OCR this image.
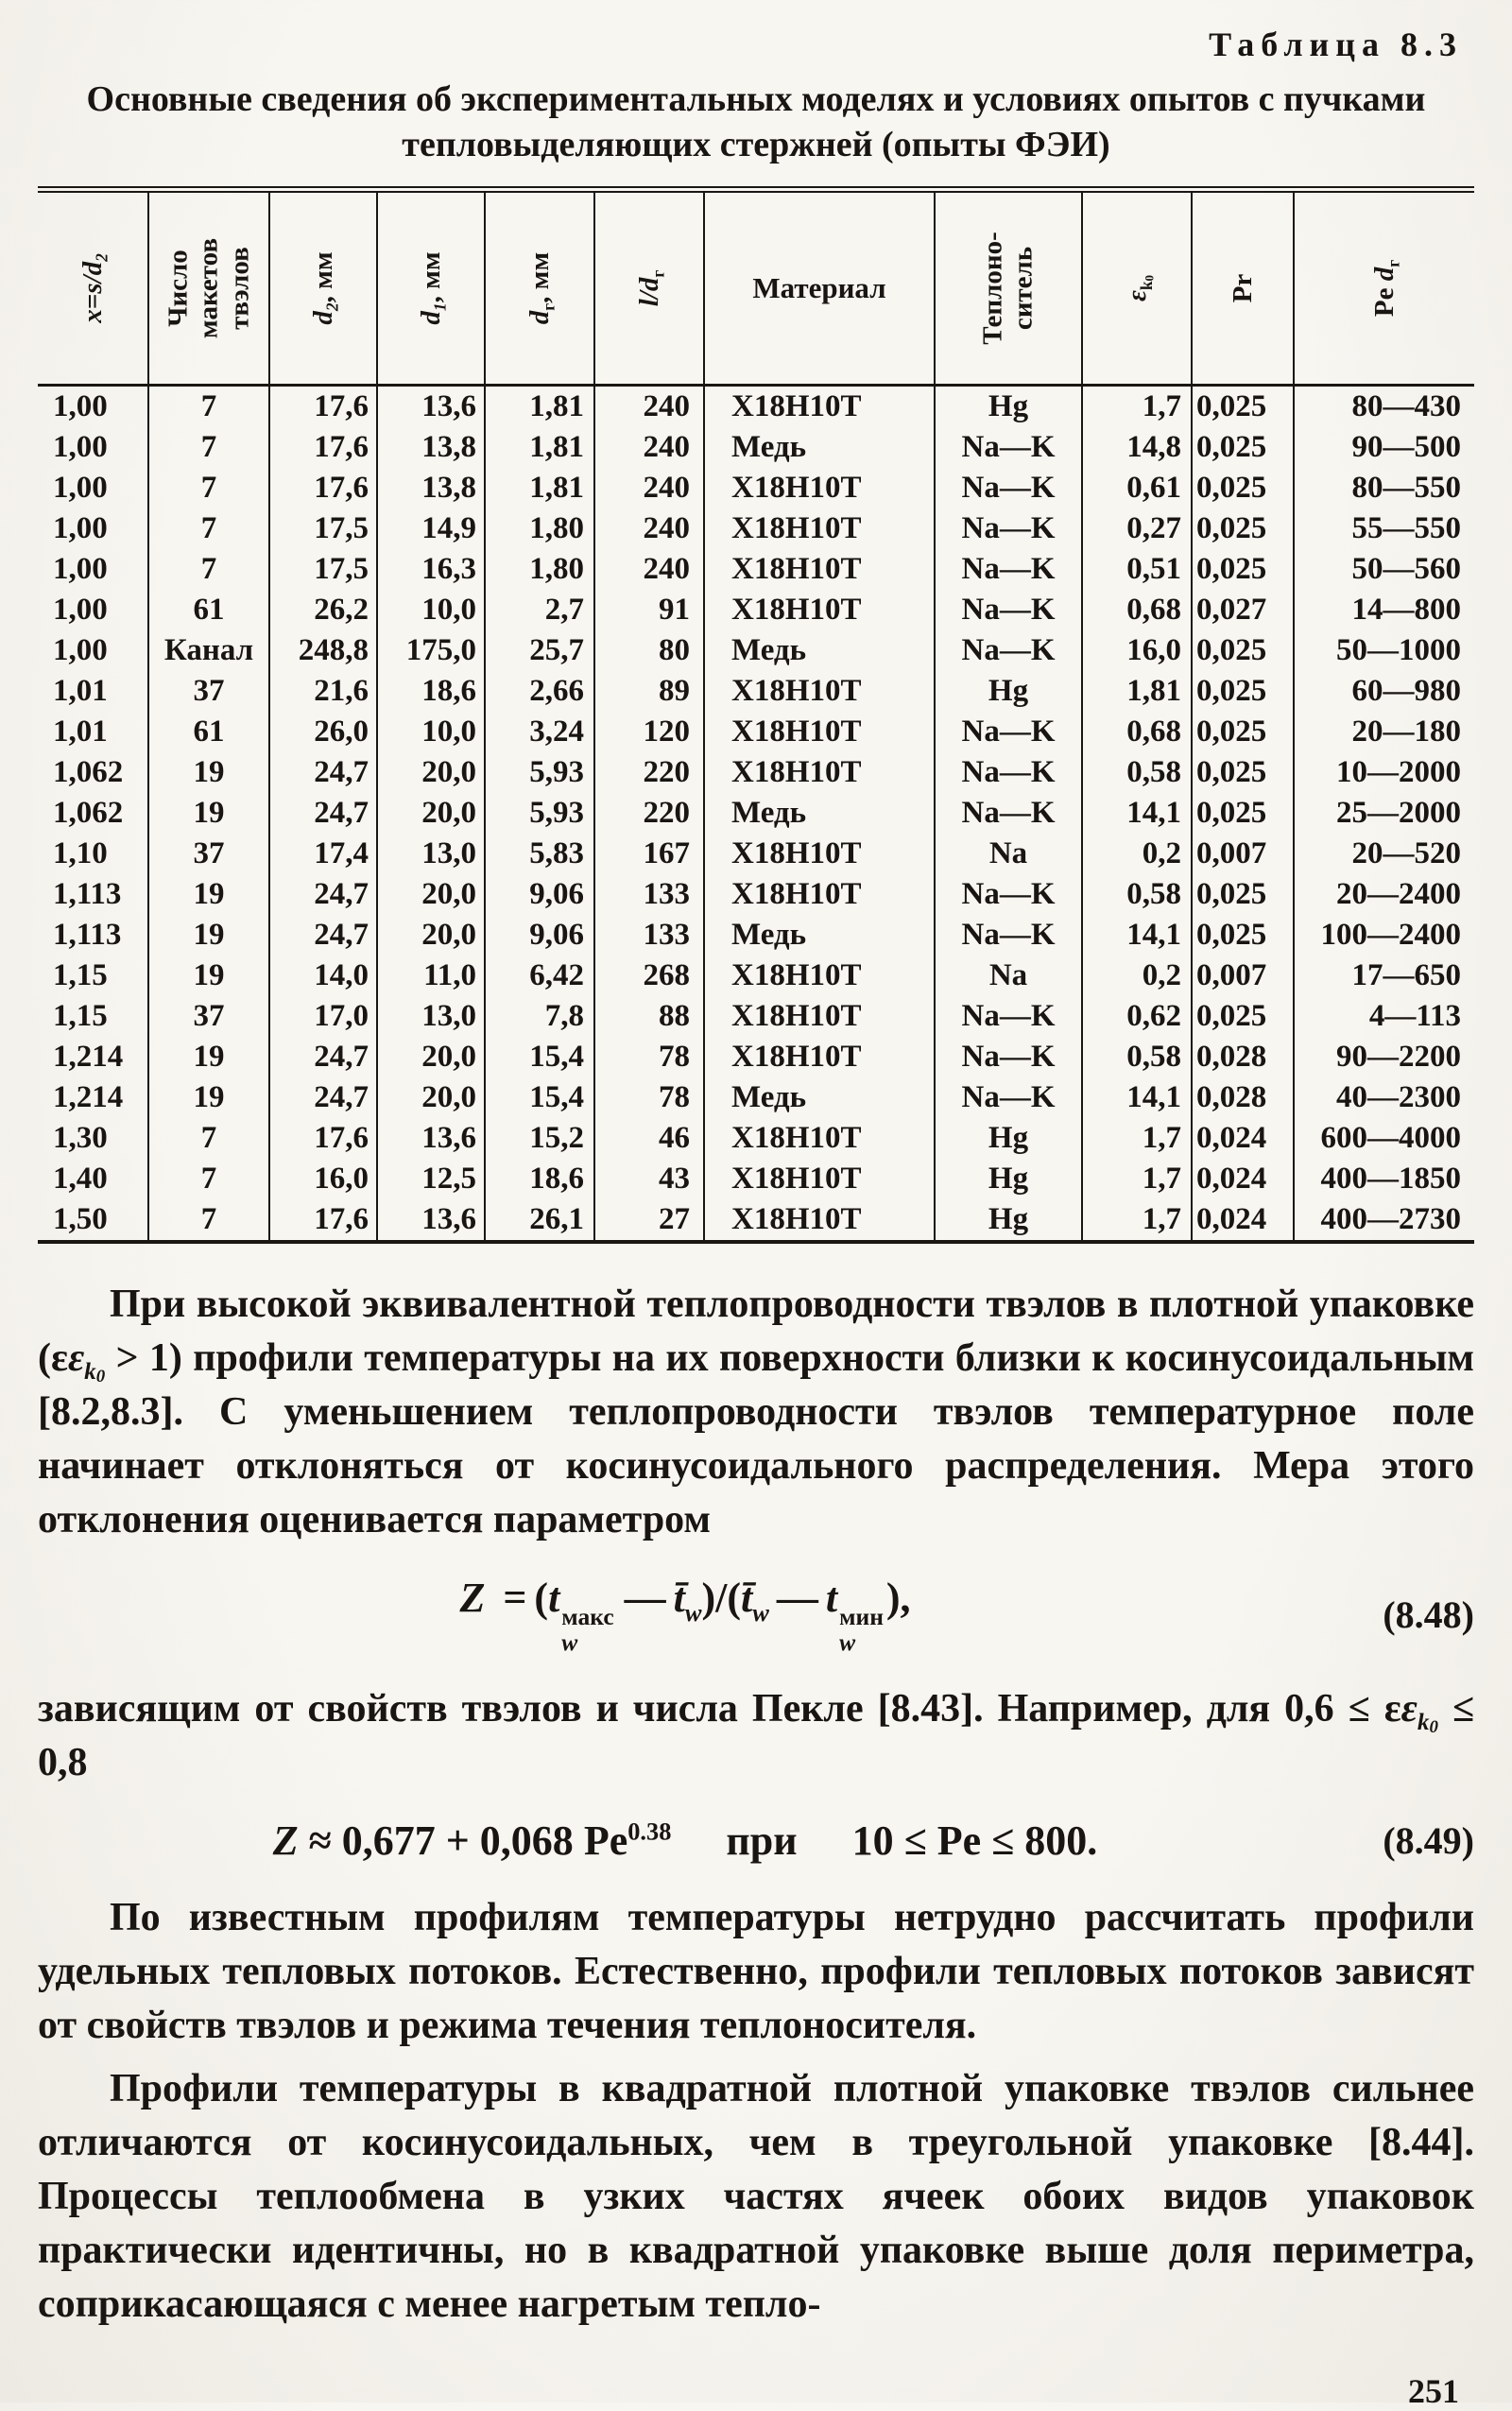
Таблица 8.3
Основные сведения об экспериментальных моделях и условиях опытов с пучками тепловыделяющих стержней (опыты ФЭИ)
$x=s/d_2$	Число макетов твэлов	$d_2$, мм	$d_1$, мм	$d_г$, мм	$l/d_г$	Материал	Теплоно-ситель	$\varepsilon_{k0}$	Pr	Pe $d_г$

1,00	7	17,6	13,6	1,81	240	Х18Н10Т	Hg	1,7	0,025	80—430
1,00	7	17,6	13,8	1,81	240	Медь	Na—K	14,8	0,025	90—500
1,00	7	17,6	13,8	1,81	240	Х18Н10Т	Na—K	0,61	0,025	80—550
1,00	7	17,5	14,9	1,80	240	Х18Н10Т	Na—K	0,27	0,025	55—550
1,00	7	17,5	16,3	1,80	240	Х18Н10Т	Na—K	0,51	0,025	50—560
1,00	61	26,2	10,0	2,7	91	Х18Н10Т	Na—K	0,68	0,027	14—800
1,00	Канал	248,8	175,0	25,7	80	Медь	Na—K	16,0	0,025	50—1000
1,01	37	21,6	18,6	2,66	89	Х18Н10Т	Hg	1,81	0,025	60—980
1,01	61	26,0	10,0	3,24	120	Х18Н10Т	Na—K	0,68	0,025	20—180
1,062	19	24,7	20,0	5,93	220	Х18Н10Т	Na—K	0,58	0,025	10—2000
1,062	19	24,7	20,0	5,93	220	Медь	Na—K	14,1	0,025	25—2000
1,10	37	17,4	13,0	5,83	167	Х18Н10Т	Na	0,2	0,007	20—520
1,113	19	24,7	20,0	9,06	133	Х18Н10Т	Na—K	0,58	0,025	20—2400
1,113	19	24,7	20,0	9,06	133	Медь	Na—K	14,1	0,025	100—2400
1,15	19	14,0	11,0	6,42	268	Х18Н10Т	Na	0,2	0,007	17—650
1,15	37	17,0	13,0	7,8	88	Х18Н10Т	Na—K	0,62	0,025	4—113
1,214	19	24,7	20,0	15,4	78	Х18Н10Т	Na—K	0,58	0,028	90—2200
1,214	19	24,7	20,0	15,4	78	Медь	Na—K	14,1	0,028	40—2300
1,30	7	17,6	13,6	15,2	46	Х18Н10Т	Hg	1,7	0,024	600—4000
1,40	7	16,0	12,5	18,6	43	Х18Н10Т	Hg	1,7	0,024	400—1850
1,50	7	17,6	13,6	26,1	27	Х18Н10Т	Hg	1,7	0,024	400—2730

При высокой эквивалентной теплопроводности твэлов в плотной упаковке $(\varepsilon\varepsilon_{k0} > 1)$ профили температуры на их поверхности близки к косинусоидальным [8.2,8.3]. С уменьшением теплопроводности твэлов температурное поле начинает отклоняться от косинусоидального распределения. Мера этого отклонения оценивается параметром

Z = (t макс
w
— $t̄_w)/(t̄_w$ — t мин
w
),	(8.48)

зависящим от свойств твэлов и числа Пекле [8.43]. Например, для $0,6 \le \varepsilon\varepsilon_{k0} \le 0,8$

Z ≈ 0,677 + 0,068 $Pe^{0.38}$ при 10 ≤ Pe ≤ 800.	(8.49)

По известным профилям температуры нетрудно рассчитать профили удельных тепловых потоков. Естественно, профили тепловых потоков зависят от свойств твэлов и режима течения теплоносителя.

Профили температуры в квадратной плотной упаковке твэлов сильнее отличаются от косинусоидальных, чем в треугольной упаковке [8.44]. Процессы теплообмена в узких частях ячеек обоих видов упаковок практически идентичны, но в квадратной упаковке выше доля периметра, соприкасающаяся с менее нагретым тепло-

251
